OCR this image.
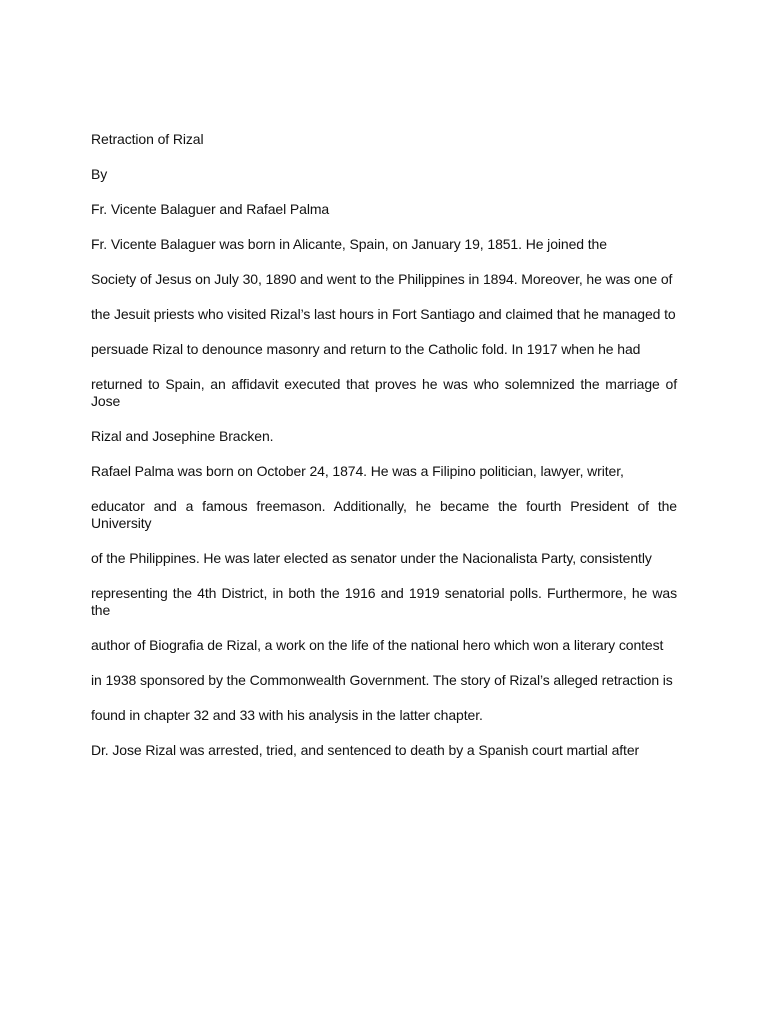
Retraction of Rizal

By

Fr. Vicente Balaguer and Rafael Palma

Fr. Vicente Balaguer was born in Alicante, Spain, on January 19, 1851. He joined the

Society of Jesus on July 30, 1890 and went to the Philippines in 1894. Moreover, he was one of

the Jesuit priests who visited Rizal’s last hours in Fort Santiago and claimed that he managed to

persuade Rizal to denounce masonry and return to the Catholic fold. In 1917 when he had

returned to Spain, an affidavit executed that proves he was who solemnized the marriage of Jose

Rizal and Josephine Bracken.

Rafael Palma was born on October 24, 1874. He was a Filipino politician, lawyer, writer,

educator and a famous freemason. Additionally, he became the fourth President of the University

of the Philippines. He was later elected as senator under the Nacionalista Party, consistently

representing the 4th District, in both the 1916 and 1919 senatorial polls. Furthermore, he was the

author of Biografia de Rizal, a work on the life of the national hero which won a literary contest

in 1938 sponsored by the Commonwealth Government. The story of Rizal’s alleged retraction is

found in chapter 32 and 33 with his analysis in the latter chapter.

Dr. Jose Rizal was arrested, tried, and sentenced to death by a Spanish court martial after
